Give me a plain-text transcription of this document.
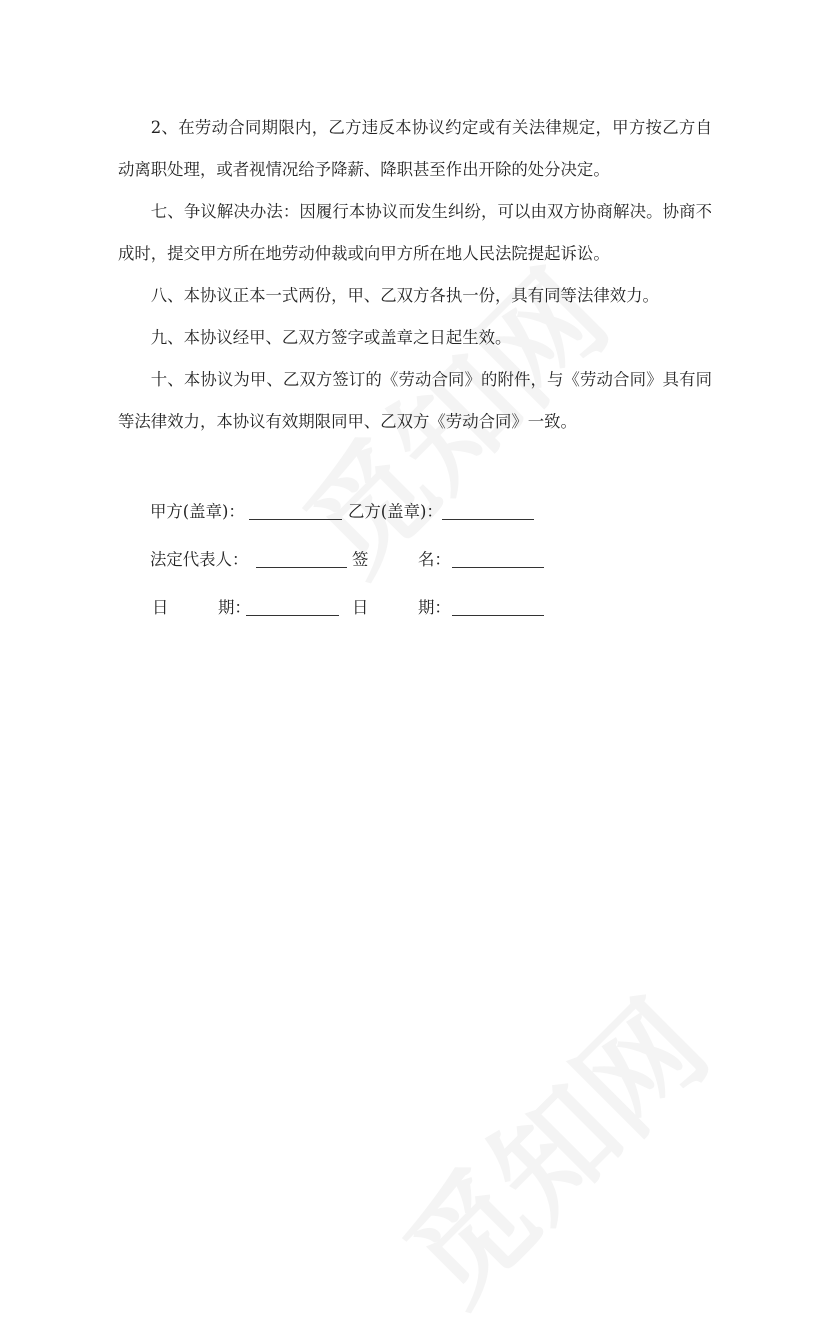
2、在劳动合同期限内，乙方违反本协议约定或有关法律规定，甲方按乙方自动离职处理，或者视情况给予降薪、降职甚至作出开除的处分决定。

七、争议解决办法：因履行本协议而发生纠纷，可以由双方协商解决。协商不成时，提交甲方所在地劳动仲裁或向甲方所在地人民法院提起诉讼。

八、本协议正本一式两份，甲、乙双方各执一份，具有同等法律效力。

九、本协议经甲、乙双方签字或盖章之日起生效。

十、本协议为甲、乙双方签订的《劳动合同》的附件，与《劳动合同》具有同等法律效力，本协议有效期限同甲、乙双方《劳动合同》一致。

甲方(盖章)：	乙方(盖章)：
法定代表人：	签	名：
日	期：	日	期：
